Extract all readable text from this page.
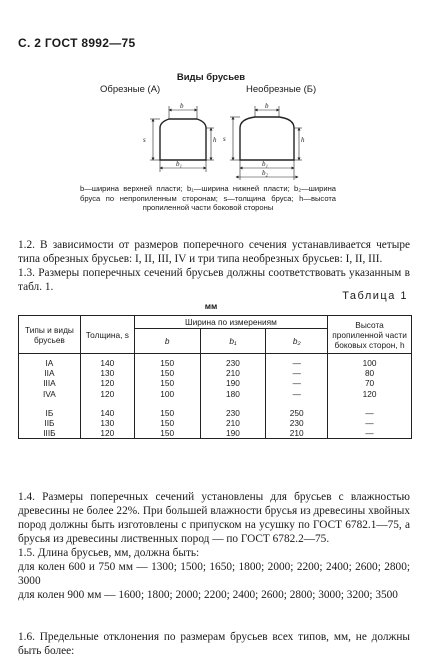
С. 2 ГОСТ 8992—75
Виды брусьев
Обрезные (А)	Необрезные (Б)
b
b₁
s	h
b
b₁
b₂
s	h
b—ширина верхней пласти; b₁—ширина нижней пласти; b₂—ширина бруса по непропиленным сторонам; s—толщина бруса; h—высота пропиленной части боковой стороны

1.2. В зависимости от размеров поперечного сечения устанавливается четыре типа обрезных брусьев: I, II, III, IV и три типа необрезных брусьев: I, II, III.

1.3. Размеры поперечных сечений брусьев должны соответствовать указанным в табл. 1.

Таблица 1
мм
Типы и виды брусьев	Толщина, s	Ширина по измерениям			Высота пропиленной части боковых сторон, h
		b	b₁	b₂	
IA	140	150	230	—	100
IIA	130	150	210	—	80
IIIA	120	150	190	—	70
IVA	120	100	180	—	120

IБ	140	150	230	250	—
IIБ	130	150	210	230	—
IIIБ	120	150	190	210	—

1.4. Размеры поперечных сечений установлены для брусьев с влажностью древесины не более 22%. При большей влажности брусья из древесины хвойных пород должны быть изготовлены с припуском на усушку по ГОСТ 6782.1—75, а брусья из древесины лиственных пород — по ГОСТ 6782.2—75.

1.5. Длина брусьев, мм, должна быть:

для колен 600 и 750 мм — 1300; 1500; 1650; 1800; 2000; 2200; 2400; 2600; 2800; 3000

для колен 900 мм — 1600; 1800; 2000; 2200; 2400; 2600; 2800; 3000; 3200; 3500

1.6. Предельные отклонения по размерам брусьев всех типов, мм, не должны быть более:
